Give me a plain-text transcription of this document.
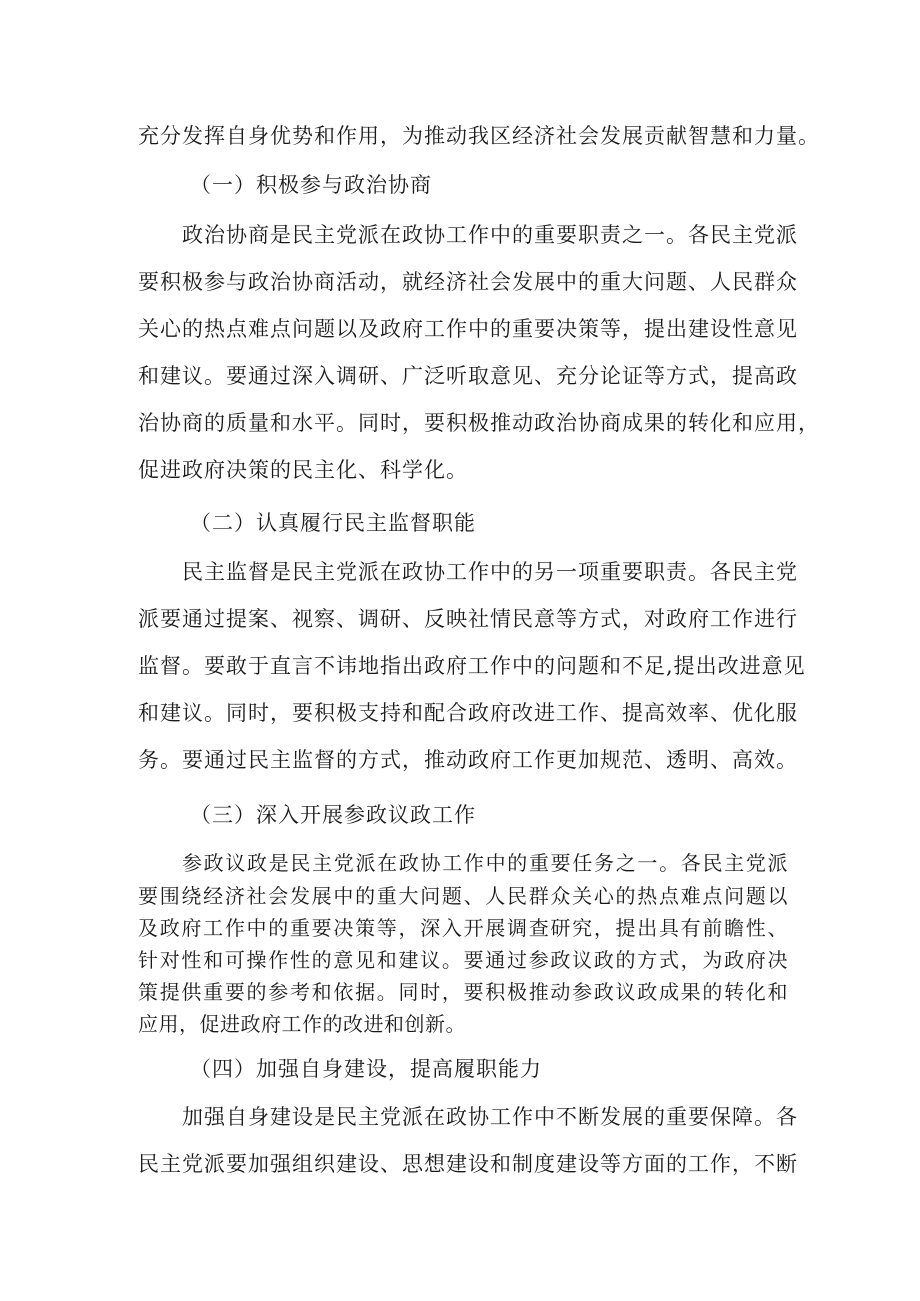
充分发挥自身优势和作用，为推动我区经济社会发展贡献智慧和力量。
（一）积极参与政治协商
政治协商是民主党派在政协工作中的重要职责之一。各民主党派
要积极参与政治协商活动，就经济社会发展中的重大问题、人民群众
关心的热点难点问题以及政府工作中的重要决策等，提出建设性意见
和建议。要通过深入调研、广泛听取意见、充分论证等方式，提高政
治协商的质量和水平。同时，要积极推动政治协商成果的转化和应用，
促进政府决策的民主化、科学化。
（二）认真履行民主监督职能
民主监督是民主党派在政协工作中的另一项重要职责。各民主党
派要通过提案、视察、调研、反映社情民意等方式，对政府工作进行
监督。要敢于直言不讳地指出政府工作中的问题和不足,提出改进意见
和建议。同时，要积极支持和配合政府改进工作、提高效率、优化服
务。要通过民主监督的方式，推动政府工作更加规范、透明、高效。
（三）深入开展参政议政工作
参政议政是民主党派在政协工作中的重要任务之一。各民主党派
要围绕经济社会发展中的重大问题、人民群众关心的热点难点问题以
及政府工作中的重要决策等，深入开展调查研究，提出具有前瞻性、
针对性和可操作性的意见和建议。要通过参政议政的方式，为政府决
策提供重要的参考和依据。同时，要积极推动参政议政成果的转化和
应用，促进政府工作的改进和创新。
（四）加强自身建设，提高履职能力
加强自身建设是民主党派在政协工作中不断发展的重要保障。各
民主党派要加强组织建设、思想建设和制度建设等方面的工作，不断
